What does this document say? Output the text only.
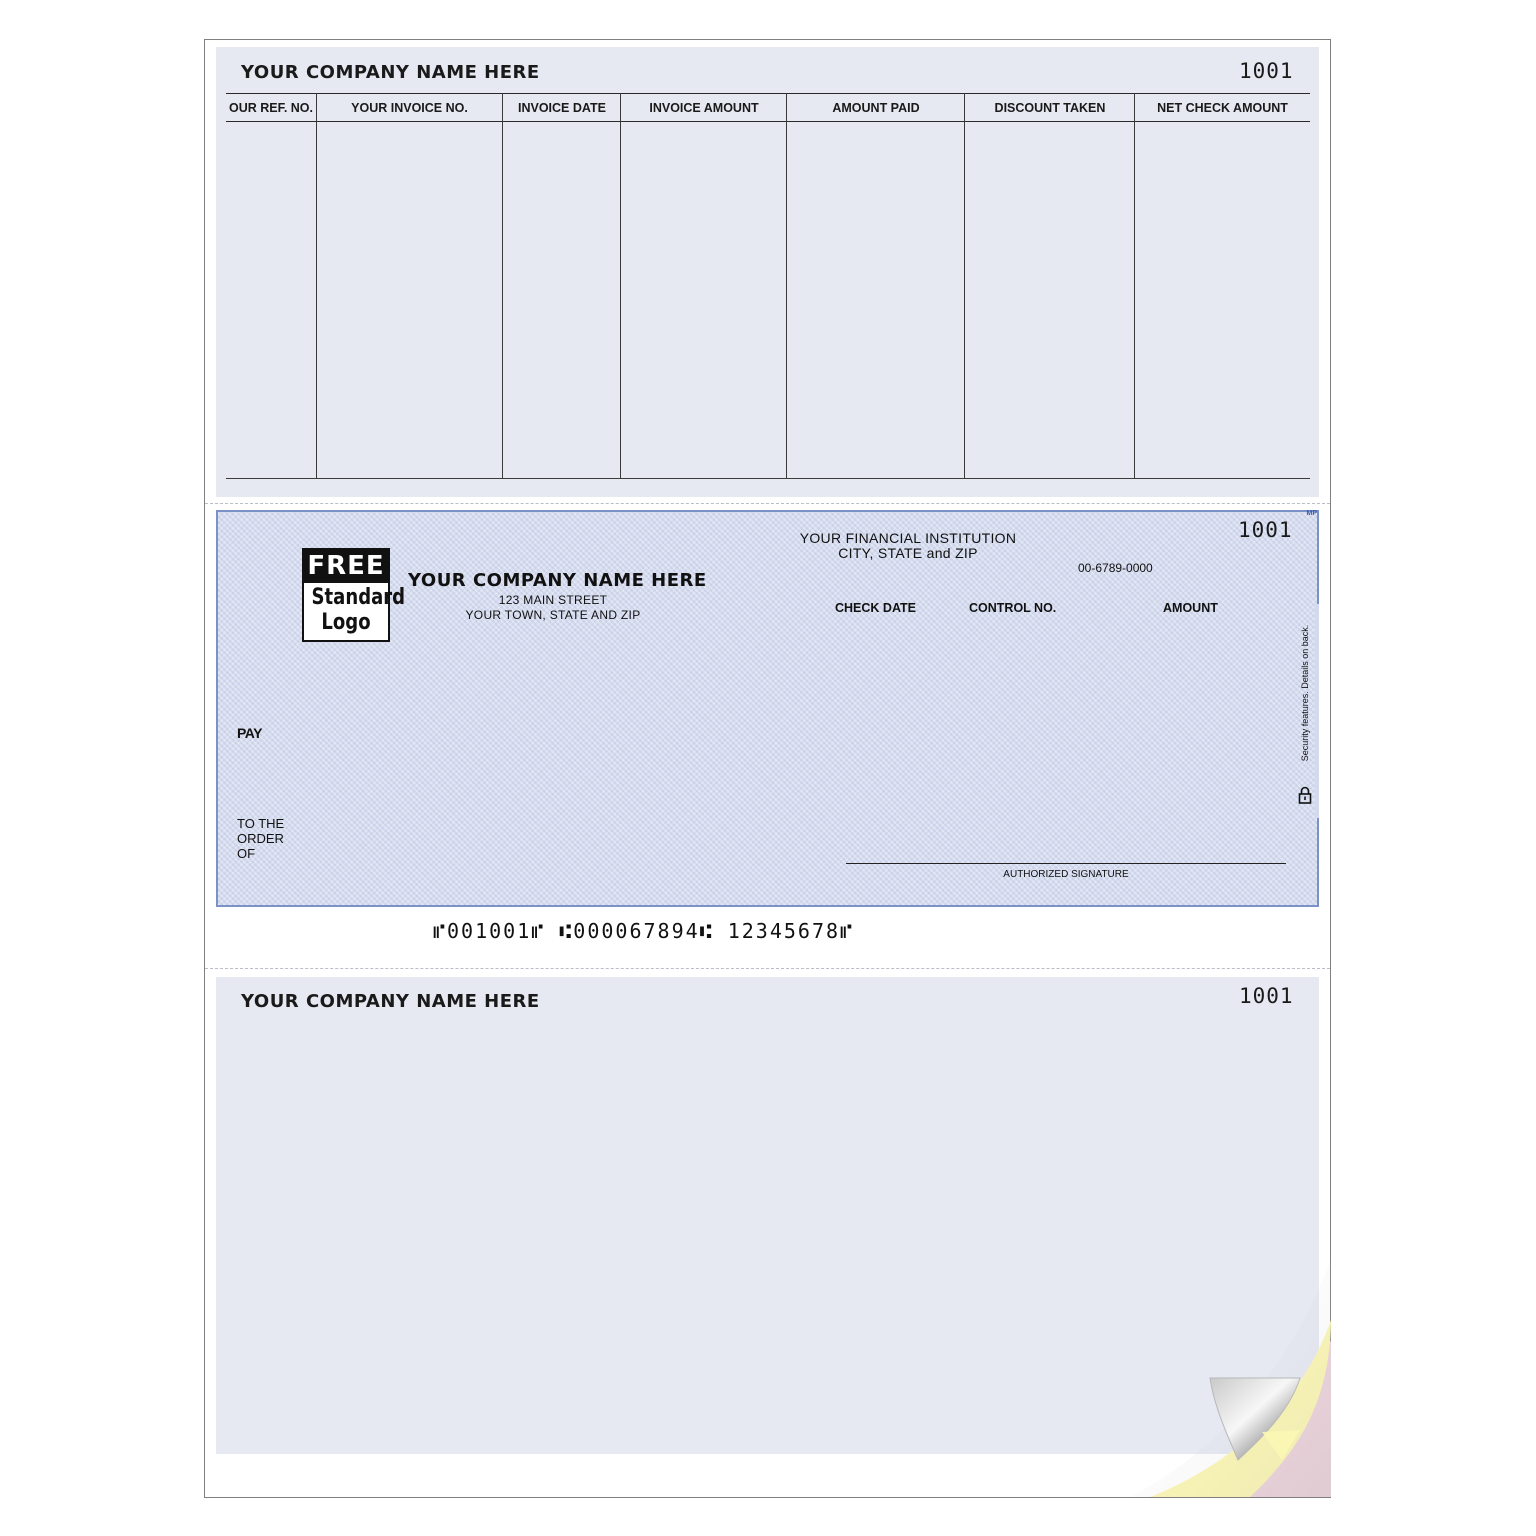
YOUR COMPANY NAME HERE	1001
OUR REF. NO.	YOUR INVOICE NO.	INVOICE DATE	INVOICE AMOUNT	AMOUNT PAID	DISCOUNT TAKEN	NET CHECK AMOUNT
MP
FREE
Standard
Logo
YOUR COMPANY NAME HERE
123 MAIN STREET
YOUR TOWN, STATE AND ZIP
YOUR FINANCIAL INSTITUTION
CITY, STATE and ZIP
00-6789-0000
1001
CHECK DATE	CONTROL NO.	AMOUNT
PAY
TO THE
ORDER
OF
Security features. Details on back.
AUTHORIZED SIGNATURE
⑈001001⑈ ⑆000067894⑆ 12345678⑈
YOUR COMPANY NAME HERE	1001
